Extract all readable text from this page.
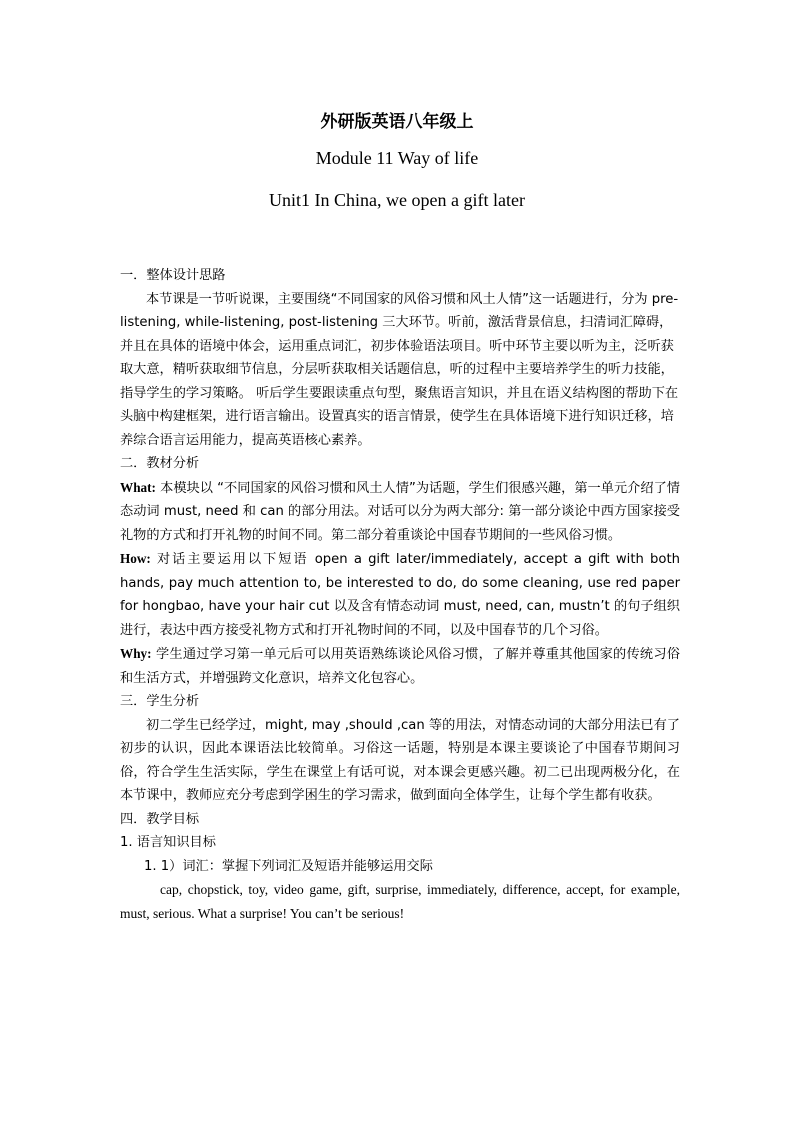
外研版英语八年级上
Module 11 Way of life
Unit1 In China, we open a gift later

一．整体设计思路

本节课是一节听说课，主要围绕“不同国家的风俗习惯和风土人情”这一话题进行，分为 pre-listening, while-listening, post-listening 三大环节。听前，激活背景信息，扫清词汇障碍，并且在具体的语境中体会，运用重点词汇，初步体验语法项目。听中环节主要以听为主，泛听获取大意，精听获取细节信息，分层听获取相关话题信息，听的过程中主要培养学生的听力技能，指导学生的学习策略。 听后学生要跟读重点句型，聚焦语言知识，并且在语义结构图的帮助下在头脑中构建框架，进行语言输出。设置真实的语言情景，使学生在具体语境下进行知识迁移，培养综合语言运用能力，提高英语核心素养。

二．教材分析

What: 本模块以 “不同国家的风俗习惯和风土人情”为话题，学生们很感兴趣，第一单元介绍了情态动词 must, need 和 can 的部分用法。对话可以分为两大部分: 第一部分谈论中西方国家接受礼物的方式和打开礼物的时间不同。第二部分着重谈论中国春节期间的一些风俗习惯。

How: 对话主要运用以下短语 open a gift later/immediately, accept a gift with both hands, pay much attention to, be interested to do, do some cleaning, use red paper for hongbao, have your hair cut 以及含有情态动词 must, need, can, mustn’t 的句子组织进行，表达中西方接受礼物方式和打开礼物时间的不同，以及中国春节的几个习俗。

Why: 学生通过学习第一单元后可以用英语熟练谈论风俗习惯，了解并尊重其他国家的传统习俗和生活方式，并增强跨文化意识，培养文化包容心。

三．学生分析

初二学生已经学过，might, may ,should ,can 等的用法，对情态动词的大部分用法已有了初步的认识，因此本课语法比较简单。习俗这一话题，特别是本课主要谈论了中国春节期间习俗，符合学生生活实际，学生在课堂上有话可说，对本课会更感兴趣。初二已出现两极分化，在本节课中，教师应充分考虑到学困生的学习需求，做到面向全体学生，让每个学生都有收获。

四．教学目标

1. 语言知识目标

1. 1）词汇：掌握下列词汇及短语并能够运用交际

cap, chopstick, toy, video game, gift, surprise, immediately, difference, accept, for example, must, serious. What a surprise! You can’t be serious!
